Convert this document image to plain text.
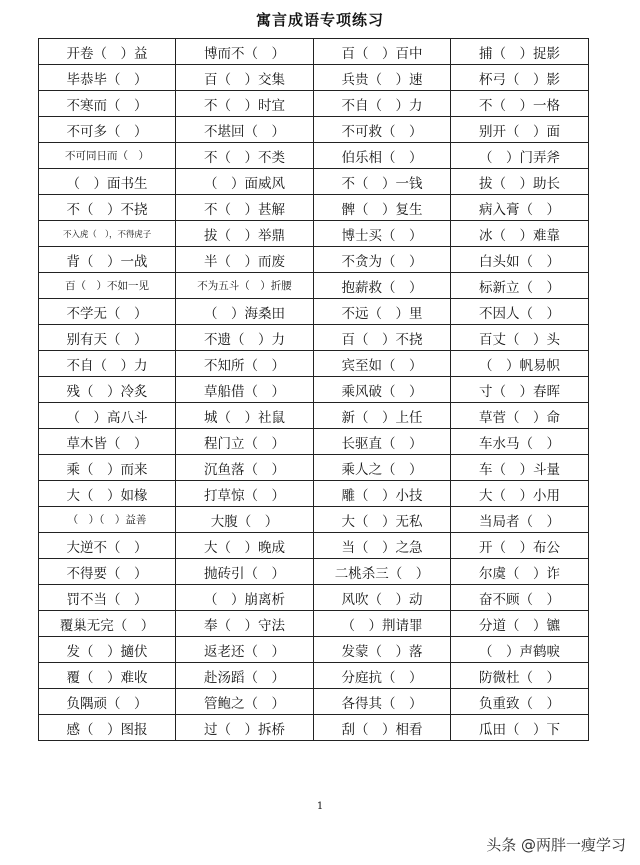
寓言成语专项练习
开卷（　）益	博而不（　）	百（　）百中	捕（　）捉影
毕恭毕（　）	百（　）交集	兵贵（　）速	杯弓（　）影
不寒而（　）	不（　）时宜	不自（　）力	不（　）一格
不可多（　）	不堪回（　）	不可救（　）	别开（　）面
不可同日而（　）	不（　）不类	伯乐相（　）	（　）门弄斧
（　）面书生	（　）面威风	不（　）一钱	拔（　）助长
不（　）不挠	不（　）甚解	髀（　）复生	病入膏（　）
不入虎（　），不得虎子	拔（　）举鼎	博士买（　）	冰（　）难靠
背（　）一战	半（　）而废	不贪为（　）	白头如（　）
百（　）不如一见	不为五斗（　）折腰	抱薪救（　）	标新立（　）
不学无（　）	（　）海桑田	不远（　）里	不因人（　）
别有天（　）	不遗（　）力	百（　）不挠	百丈（　）头
不自（　）力	不知所（　）	宾至如（　）	（　）帆易帜
残（　）冷炙	草船借（　）	乘风破（　）	寸（　）春晖
（　）高八斗	城（　）社鼠	新（　）上任	草菅（　）命
草木皆（　）	程门立（　）	长驱直（　）	车水马（　）
乘（　）而来	沉鱼落（　）	乘人之（　）	车（　）斗量
大（　）如椽	打草惊（　）	雕（　）小技	大（　）小用
（　）（　）益善	大腹（　）	大（　）无私	当局者（　）
大逆不（　）	大（　）晚成	当（　）之急	开（　）布公
不得要（　）	抛砖引（　）	二桃杀三（　）	尔虞（　）诈
罚不当（　）	（　）崩离析	风吹（　）动	奋不顾（　）
覆巢无完（　）	奉（　）守法	（　）荆请罪	分道（　）镳
发（　）擿伏	返老还（　）	发蒙（　）落	（　）声鹤唳
覆（　）难收	赴汤蹈（　）	分庭抗（　）	防微杜（　）
负隅顽（　）	管鲍之（　）	各得其（　）	负重致（　）
感（　）图报	过（　）拆桥	刮（　）相看	瓜田（　）下
1
头条 @两胖一瘦学习
